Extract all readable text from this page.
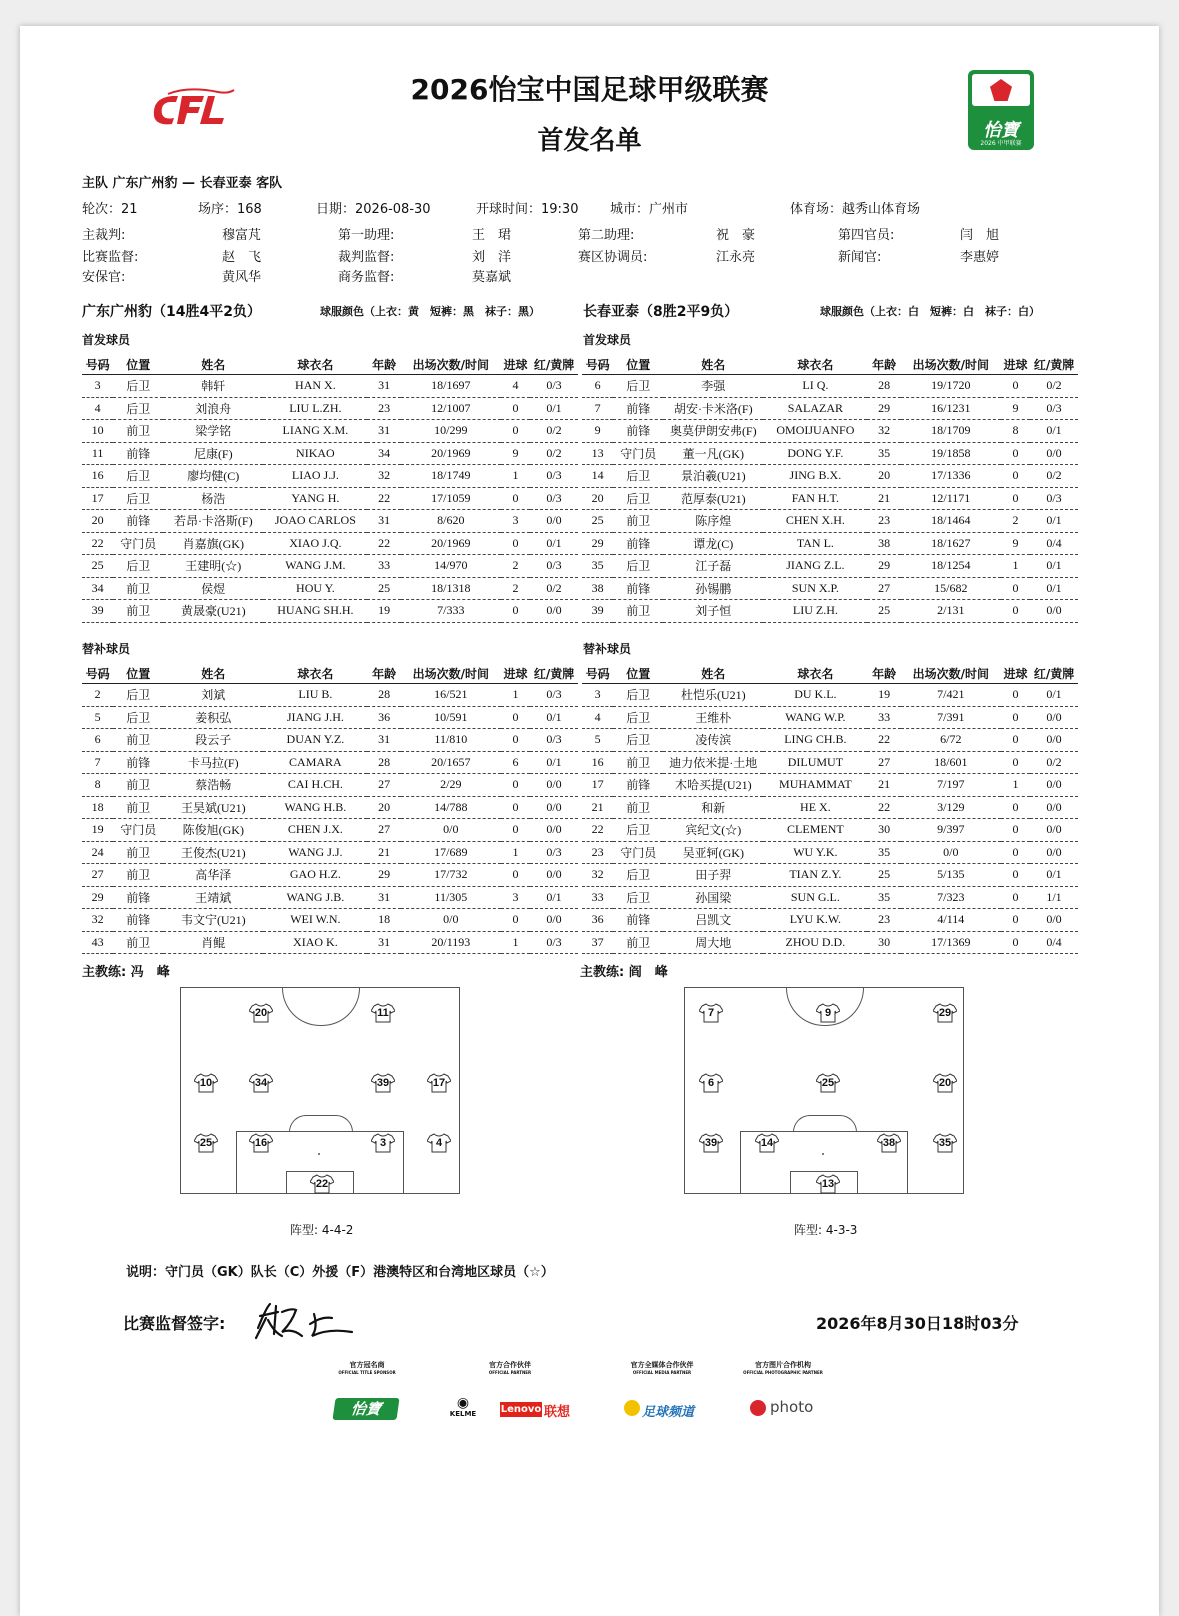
2026怡宝中国足球甲级联赛
首发名单	怡寶
2026 中甲联赛
主队 广东广州豹 — 长春亚泰 客队
轮次：21	场序：168	日期：2026-08-30	开球时间：19:30 城市：广州市	体育场：越秀山体育场
主裁判:	穆富芃	第一助理:	王　珺	第二助理:	祝　豪	第四官员:	闫　旭
比赛监督:	赵　飞	裁判监督:	刘　洋	赛区协调员:	江永亮	新闻官:	李惠婷
安保官:	黄风华	商务监督:	莫嘉斌
广东广州豹（14胜4平2负）	球服颜色（上衣：黄　短裤：黑　袜子：黑）	长春亚泰（8胜2平9负）	球服颜色（上衣：白　短裤：白　袜子：白）
首发球员	首发球员
替补球员	替补球员
号码	位置	姓名	球衣名	年龄	出场次数/时间	进球	红/黄牌
3	后卫	韩轩	HAN X.	31	18/1697	4	0/3
4	后卫	刘浪舟	LIU L.ZH.	23	12/1007	0	0/1
10	前卫	梁学铭	LIANG X.M.	31	10/299	0	0/2
11	前锋	尼康(F)	NIKAO	34	20/1969	9	0/2
16	后卫	廖均健(C)	LIAO J.J.	32	18/1749	1	0/3
17	后卫	杨浩	YANG H.	22	17/1059	0	0/3
20	前锋	若昂·卡洛斯(F)	JOAO CARLOS	31	8/620	3	0/0
22	守门员	肖嘉旗(GK)	XIAO J.Q.	22	20/1969	0	0/1
25	后卫	王建明(☆)	WANG J.M.	33	14/970	2	0/3
34	前卫	侯煜	HOU Y.	25	18/1318	2	0/2
39	前卫	黄晟豪(U21)	HUANG SH.H.	19	7/333	0	0/0
号码	位置	姓名	球衣名	年龄	出场次数/时间	进球	红/黄牌
6	后卫	李强	LI Q.	28	19/1720	0	0/2
7	前锋	胡安·卡米洛(F)	SALAZAR	29	16/1231	9	0/3
9	前锋	奥莫伊朗安弗(F)	OMOIJUANFO	32	18/1709	8	0/1
13	守门员	董一凡(GK)	DONG Y.F.	35	19/1858	0	0/0
14	后卫	景泊羲(U21)	JING B.X.	20	17/1336	0	0/2
20	后卫	范厚泰(U21)	FAN H.T.	21	12/1171	0	0/3
25	前卫	陈序煌	CHEN X.H.	23	18/1464	2	0/1
29	前锋	谭龙(C)	TAN L.	38	18/1627	9	0/4
35	后卫	江子磊	JIANG Z.L.	29	18/1254	1	0/1
38	前锋	孙锡鹏	SUN X.P.	27	15/682	0	0/1
39	前卫	刘子恒	LIU Z.H.	25	2/131	0	0/0
号码	位置	姓名	球衣名	年龄	出场次数/时间	进球	红/黄牌
2	后卫	刘斌	LIU B.	28	16/521	1	0/3
5	后卫	姜积弘	JIANG J.H.	36	10/591	0	0/1
6	前卫	段云子	DUAN Y.Z.	31	11/810	0	0/3
7	前锋	卡马拉(F)	CAMARA	28	20/1657	6	0/1
8	前卫	蔡浩畅	CAI H.CH.	27	2/29	0	0/0
18	前卫	王昊斌(U21)	WANG H.B.	20	14/788	0	0/0
19	守门员	陈俊旭(GK)	CHEN J.X.	27	0/0	0	0/0
24	前卫	王俊杰(U21)	WANG J.J.	21	17/689	1	0/3
27	前卫	高华泽	GAO H.Z.	29	17/732	0	0/0
29	前锋	王靖斌	WANG J.B.	31	11/305	3	0/1
32	前锋	韦文宁(U21)	WEI W.N.	18	0/0	0	0/0
43	前卫	肖鲲	XIAO K.	31	20/1193	1	0/3
号码	位置	姓名	球衣名	年龄	出场次数/时间	进球	红/黄牌
3	后卫	杜恺乐(U21)	DU K.L.	19	7/421	0	0/1
4	后卫	王维朴	WANG W.P.	33	7/391	0	0/0
5	后卫	凌传滨	LING CH.B.	22	6/72	0	0/0
16	前卫	迪力依米提·土地	DILUMUT	27	18/601	0	0/2
17	前锋	木哈买提(U21)	MUHAMMAT	21	7/197	1	0/0
21	前卫	和新	HE X.	22	3/129	0	0/0
22	后卫	宾纪文(☆)	CLEMENT	30	9/397	0	0/0
23	守门员	吴亚轲(GK)	WU Y.K.	35	0/0	0	0/0
32	后卫	田子羿	TIAN Z.Y.	25	5/135	0	0/1
33	后卫	孙国梁	SUN G.L.	35	7/323	0	1/1
36	前锋	吕凯文	LYU K.W.	23	4/114	0	0/0
37	前卫	周大地	ZHOU D.D.	30	17/1369	0	0/4
主教练: 冯　峰	主教练: 阎　峰
20	11
10	34	39	17
25	16	3	4
22
7	9	29
6	25	20
39	14	38	35
13
阵型: 4-4-2	阵型: 4-3-3
说明：守门员（GK）队长（C）外援（F）港澳特区和台湾地区球员（☆）
比赛监督签字:	2026年8月30日18时03分
官方冠名商
OFFICIAL TITLE SPONSOR
官方合作伙伴
OFFICIAL PARTNER
官方全媒体合作伙伴
OFFICIAL MEDIA PARTNER
官方图片合作机构
OFFICIAL PHOTOGRAPHIC PARTNER
怡寶	◉
KELME	Lenovo 联想	足球频道	photo
